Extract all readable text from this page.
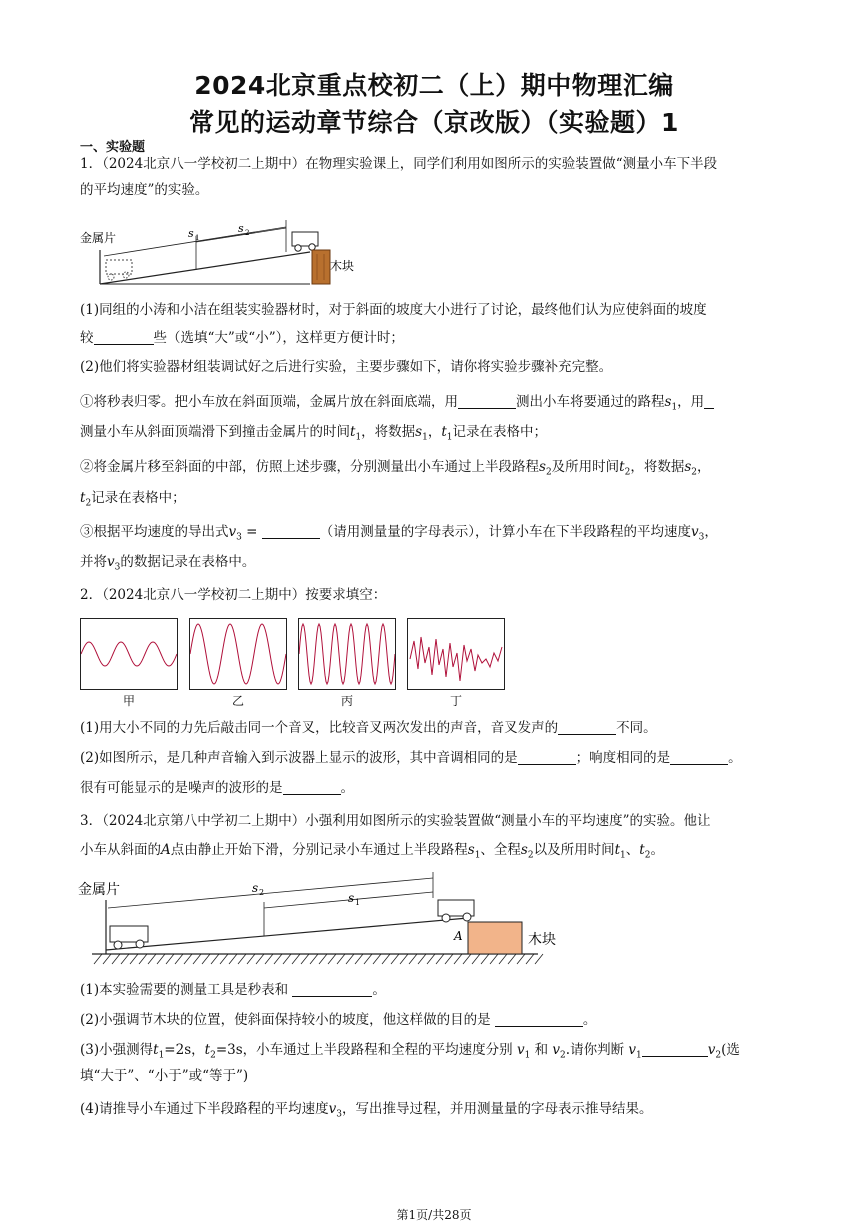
2024北京重点校初二（上）期中物理汇编
常见的运动章节综合（京改版）（实验题）1
一、实验题
1．（2024北京八一学校初二上期中）在物理实验课上，同学们利用如图所示的实验装置做“测量小车下半段
的平均速度”的实验。
金属片
木块
s 1
s 2
(1)同组的小涛和小洁在组装实验器材时，对于斜面的坡度大小进行了讨论，最终他们认为应使斜面的坡度
较	些（选填“大”或“小”），这样更方便计时；
(2)他们将实验器材组装调试好之后进行实验，主要步骤如下，请你将实验步骤补充完整。
①将秒表归零。把小车放在斜面顶端，金属片放在斜面底端，用	测出小车将要通过的路程$s_1$，用
测量小车从斜面顶端滑下到撞击金属片的时间$t_1$，将数据$s_1$，$t_1$记录在表格中；
②将金属片移至斜面的中部，仿照上述步骤，分别测量出小车通过上半段路程$s_2$及所用时间$t_2$，将数据$s_2$，
$t_2$记录在表格中；
③根据平均速度的导出式$v_3$ =	（请用测量量的字母表示），计算小车在下半段路程的平均速度$v_3$，
并将$v_3$的数据记录在表格中。
2．（2024北京八一学校初二上期中）按要求填空：
甲	乙	丙	丁
(1)用大小不同的力先后敲击同一个音叉，比较音叉两次发出的声音，音叉发声的	不同。
(2)如图所示，是几种声音输入到示波器上显示的波形，其中音调相同的是	；响度相同的是	。
很有可能显示的是噪声的波形的是	。
3．（2024北京第八中学初二上期中）小强利用如图所示的实验装置做“测量小车的平均速度”的实验。他让
小车从斜面的A点由静止开始下滑，分别记录小车通过上半段路程$s_1$、全程$s_2$以及所用时间$t_1$、$t_2$。
金属片
木块
A
s 2	s 1
(1)本实验需要的测量工具是秒表和	。
(2)小强调节木块的位置，使斜面保持较小的坡度，他这样做的目的是	。
(3)小强测得$t_1=2s$，$t_2=3s$，小车通过上半段路程和全程的平均速度分别 $v_1$ 和 $v_2$.请你判断 $v_1$	$v_2$(选
填“大于”、“小于”或“等于”)
(4)请推导小车通过下半段路程的平均速度$v_3$，写出推导过程，并用测量量的字母表示推导结果。
第1页/共28页
